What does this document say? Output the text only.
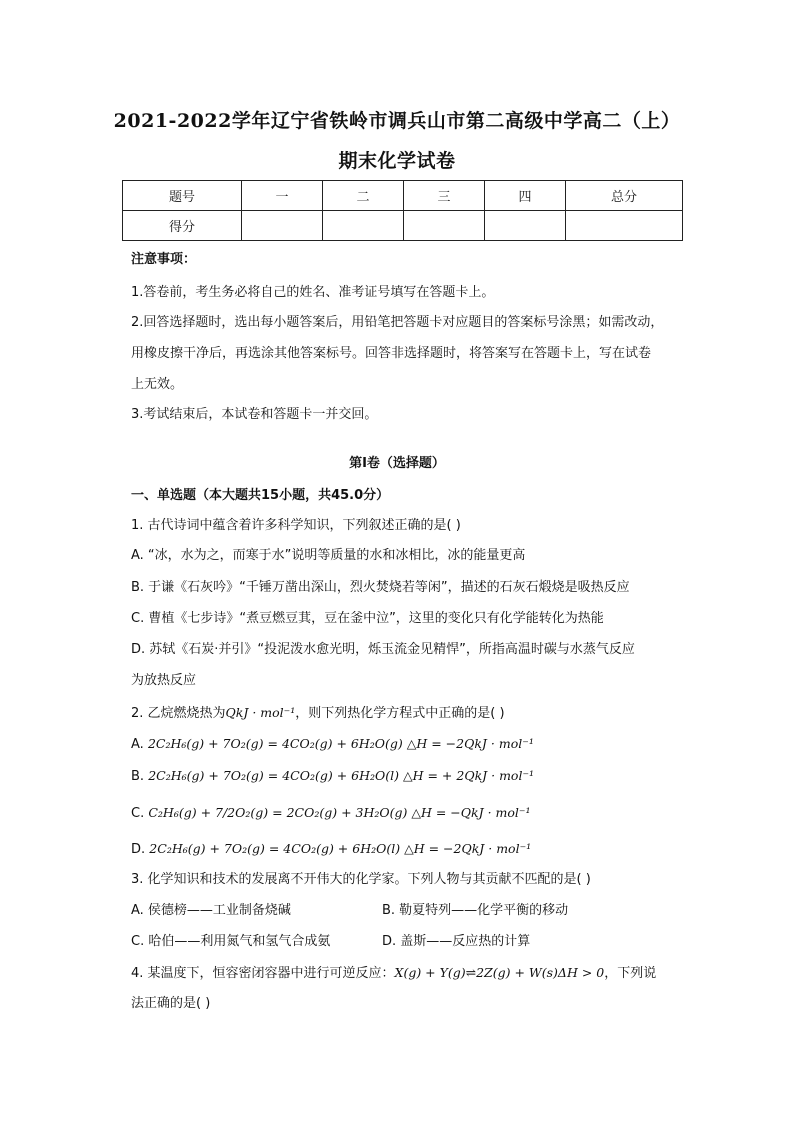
2021-2022学年辽宁省铁岭市调兵山市第二高级中学高二（上）
期末化学试卷
题号	一	二	三	四	总分
得分					
注意事项：
1.答卷前，考生务必将自己的姓名、准考证号填写在答题卡上。
2.回答选择题时，选出每小题答案后，用铅笔把答题卡对应题目的答案标号涂黑；如需改动，
用橡皮擦干净后，再选涂其他答案标号。回答非选择题时，将答案写在答题卡上，写在试卷
上无效。
3.考试结束后，本试卷和答题卡一并交回。
第I卷（选择题）
一、单选题（本大题共15小题，共45.0分）
1. 古代诗词中蕴含着许多科学知识，下列叙述正确的是( )
A. “冰，水为之，而寒于水”说明等质量的水和冰相比，冰的能量更高
B. 于谦《石灰吟》“千锤万凿出深山，烈火焚烧若等闲”，描述的石灰石煅烧是吸热反应
C. 曹植《七步诗》“煮豆燃豆萁，豆在釜中泣”，这里的变化只有化学能转化为热能
D. 苏轼《石炭·并引》“投泥泼水愈光明，烁玉流金见精悍”，所指高温时碳与水蒸气反应
为放热反应
2. 乙烷燃烧热为QkJ · mol⁻¹，则下列热化学方程式中正确的是( )
A. 2C₂H₆(g) + 7O₂(g) = 4CO₂(g) + 6H₂O(g) △H = −2QkJ · mol⁻¹
B. 2C₂H₆(g) + 7O₂(g) = 4CO₂(g) + 6H₂O(l) △H = + 2QkJ · mol⁻¹
C. C₂H₆(g) + 7/2O₂(g) = 2CO₂(g) + 3H₂O(g) △H = −QkJ · mol⁻¹
D. 2C₂H₆(g) + 7O₂(g) = 4CO₂(g) + 6H₂O(l) △H = −2QkJ · mol⁻¹
3. 化学知识和技术的发展离不开伟大的化学家。下列人物与其贡献不匹配的是( )
A. 侯德榜——工业制备烧碱	B. 勒夏特列——化学平衡的移动
C. 哈伯——利用氮气和氢气合成氨	D. 盖斯——反应热的计算
4. 某温度下，恒容密闭容器中进行可逆反应：X(g) + Y(g)⇌2Z(g) + W(s)ΔH > 0，下列说
法正确的是( )
